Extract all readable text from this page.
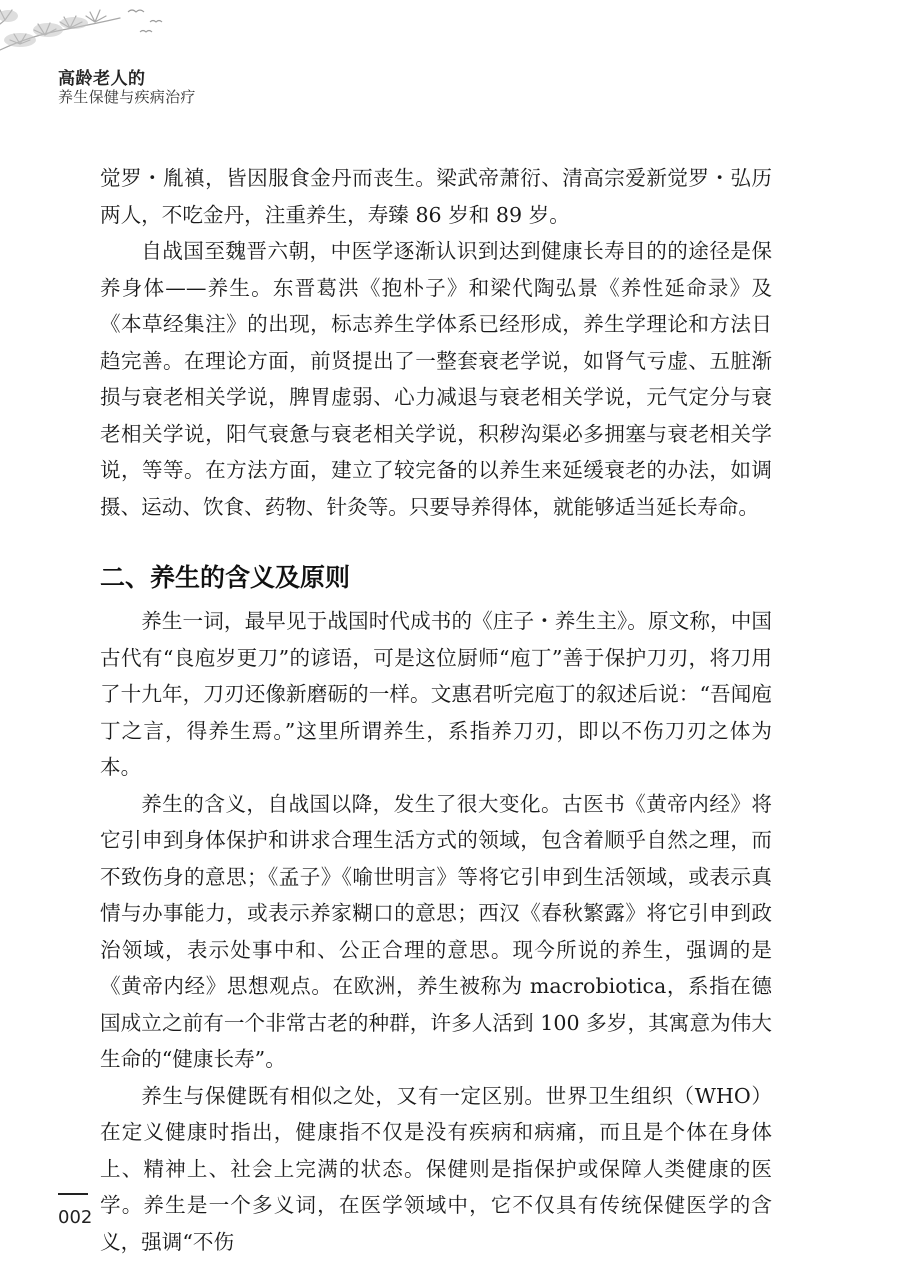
高龄老人的
养生保健与疾病治疗

觉罗・胤禛，皆因服食金丹而丧生。梁武帝萧衍、清高宗爱新觉罗・弘历两人，不吃金丹，注重养生，寿臻 86 岁和 89 岁。

自战国至魏晋六朝，中医学逐渐认识到达到健康长寿目的的途径是保养身体——养生。东晋葛洪《抱朴子》和梁代陶弘景《养性延命录》及《本草经集注》的出现，标志养生学体系已经形成，养生学理论和方法日趋完善。在理论方面，前贤提出了一整套衰老学说，如肾气亏虚、五脏渐损与衰老相关学说，脾胃虚弱、心力减退与衰老相关学说，元气定分与衰老相关学说，阳气衰惫与衰老相关学说，积秽沟渠必多拥塞与衰老相关学说，等等。在方法方面，建立了较完备的以养生来延缓衰老的办法，如调摄、运动、饮食、药物、针灸等。只要导养得体，就能够适当延长寿命。

二、养生的含义及原则

养生一词，最早见于战国时代成书的《庄子・养生主》。原文称，中国古代有“良庖岁更刀”的谚语，可是这位厨师“庖丁”善于保护刀刃，将刀用了十九年，刀刃还像新磨砺的一样。文惠君听完庖丁的叙述后说：“吾闻庖丁之言，得养生焉。”这里所谓养生，系指养刀刃，即以不伤刀刃之体为本。

养生的含义，自战国以降，发生了很大变化。古医书《黄帝内经》将它引申到身体保护和讲求合理生活方式的领域，包含着顺乎自然之理，而不致伤身的意思；《孟子》《喻世明言》等将它引申到生活领域，或表示真情与办事能力，或表示养家糊口的意思；西汉《春秋繁露》将它引申到政治领域，表示处事中和、公正合理的意思。现今所说的养生，强调的是《黄帝内经》思想观点。在欧洲，养生被称为 macrobiotica，系指在德国成立之前有一个非常古老的种群，许多人活到 100 多岁，其寓意为伟大生命的“健康长寿”。

养生与保健既有相似之处，又有一定区别。世界卫生组织（WHO）在定义健康时指出，健康指不仅是没有疾病和病痛，而且是个体在身体上、精神上、社会上完满的状态。保健则是指保护或保障人类健康的医学。养生是一个多义词，在医学领域中，它不仅具有传统保健医学的含义，强调“不伤

002
